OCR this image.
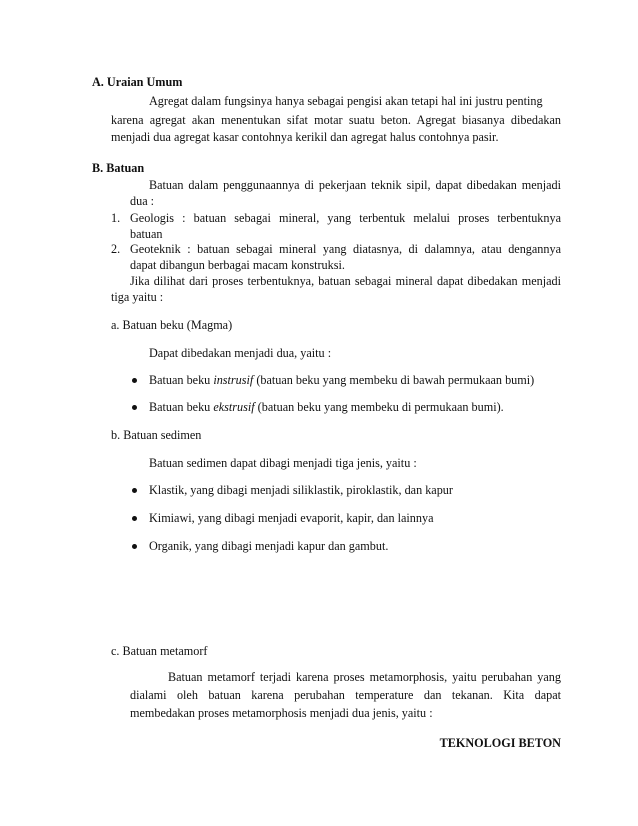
A. Uraian Umum
Agregat dalam fungsinya hanya sebagai pengisi akan tetapi hal ini justru penting
karena agregat akan menentukan sifat motar suatu beton. Agregat biasanya dibedakan
menjadi dua agregat kasar contohnya kerikil dan agregat halus contohnya pasir.
B. Batuan
Batuan dalam penggunaannya di pekerjaan teknik sipil, dapat dibedakan menjadi
dua :
1. Geologis : batuan sebagai mineral, yang terbentuk melalui proses terbentuknya
batuan
2. Geoteknik : batuan sebagai mineral yang diatasnya, di dalamnya, atau dengannya
dapat dibangun berbagai macam konstruksi.
Jika dilihat dari proses terbentuknya, batuan sebagai mineral dapat dibedakan menjadi
tiga yaitu :
a. Batuan beku (Magma)
Dapat dibedakan menjadi dua, yaitu :
Batuan beku instrusif (batuan beku yang membeku di bawah permukaan bumi)
Batuan beku ekstrusif (batuan beku yang membeku di permukaan bumi).
b. Batuan sedimen
Batuan sedimen dapat dibagi menjadi tiga jenis, yaitu :
Klastik, yang dibagi menjadi siliklastik, piroklastik, dan kapur
Kimiawi, yang dibagi menjadi evaporit, kapir, dan lainnya
Organik, yang dibagi menjadi kapur dan gambut.
c. Batuan metamorf
Batuan metamorf terjadi karena proses metamorphosis, yaitu perubahan yang
dialami oleh batuan karena perubahan temperature dan tekanan. Kita dapat
membedakan proses metamorphosis menjadi dua jenis, yaitu :
TEKNOLOGI BETON
